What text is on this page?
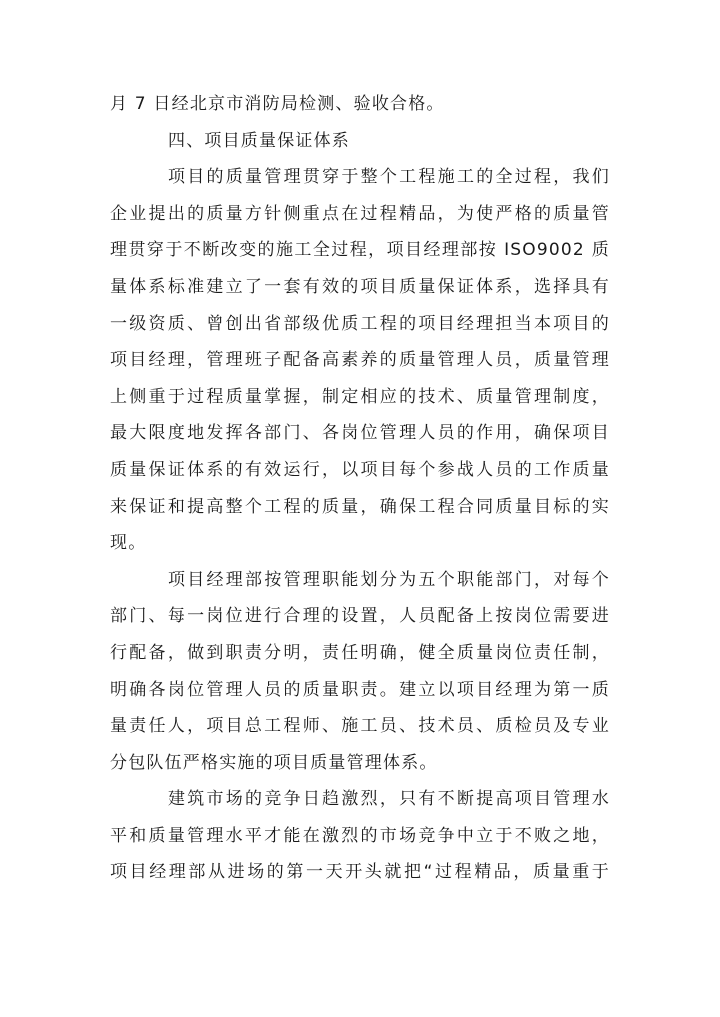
月 7 日经北京市消防局检测、验收合格。
四、项目质量保证体系
项目的质量管理贯穿于整个工程施工的全过程，我们
企业提出的质量方针侧重点在过程精品，为使严格的质量管
理贯穿于不断改变的施工全过程，项目经理部按 ISO9002 质
量体系标准建立了一套有效的项目质量保证体系，选择具有
一级资质、曾创出省部级优质工程的项目经理担当本项目的
项目经理，管理班子配备高素养的质量管理人员，质量管理
上侧重于过程质量掌握，制定相应的技术、质量管理制度，
最大限度地发挥各部门、各岗位管理人员的作用，确保项目
质量保证体系的有效运行，以项目每个参战人员的工作质量
来保证和提高整个工程的质量，确保工程合同质量目标的实
现。
项目经理部按管理职能划分为五个职能部门，对每个
部门、每一岗位进行合理的设置，人员配备上按岗位需要进
行配备，做到职责分明，责任明确，健全质量岗位责任制，
明确各岗位管理人员的质量职责。建立以项目经理为第一质
量责任人，项目总工程师、施工员、技术员、质检员及专业
分包队伍严格实施的项目质量管理体系。
建筑市场的竞争日趋激烈，只有不断提高项目管理水
平和质量管理水平才能在激烈的市场竞争中立于不败之地，
项目经理部从进场的第一天开头就把“过程精品，质量重于
